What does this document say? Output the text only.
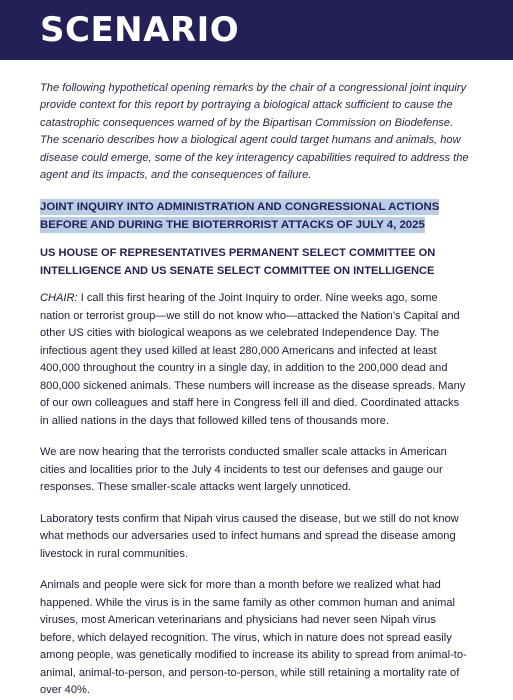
SCENARIO

The following hypothetical opening remarks by the chair of a congressional joint inquiry provide context for this report by portraying a biological attack sufficient to cause the catastrophic consequences warned of by the Bipartisan Commission on Biodefense. The scenario describes how a biological agent could target humans and animals, how disease could emerge, some of the key interagency capabilities required to address the agent and its impacts, and the consequences of failure.

JOINT INQUIRY INTO ADMINISTRATION AND CONGRESSIONAL ACTIONS BEFORE AND DURING THE BIOTERRORIST ATTACKS OF JULY 4, 2025

US HOUSE OF REPRESENTATIVES PERMANENT SELECT COMMITTEE ON INTELLIGENCE AND US SENATE SELECT COMMITTEE ON INTELLIGENCE

CHAIR: I call this first hearing of the Joint Inquiry to order. Nine weeks ago, some nation or terrorist group—we still do not know who—attacked the Nation’s Capital and other US cities with biological weapons as we celebrated Independence Day. The infectious agent they used killed at least 280,000 Americans and infected at least 400,000 throughout the country in a single day, in addition to the 200,000 dead and 800,000 sickened animals. These numbers will increase as the disease spreads. Many of our own colleagues and staff here in Congress fell ill and died. Coordinated attacks in allied nations in the days that followed killed tens of thousands more.

We are now hearing that the terrorists conducted smaller scale attacks in American cities and localities prior to the July 4 incidents to test our defenses and gauge our responses. These smaller-scale attacks went largely unnoticed.

Laboratory tests confirm that Nipah virus caused the disease, but we still do not know what methods our adversaries used to infect humans and spread the disease among livestock in rural communities.

Animals and people were sick for more than a month before we realized what had happened. While the virus is in the same family as other common human and animal viruses, most American veterinarians and physicians had never seen Nipah virus before, which delayed recognition. The virus, which in nature does not spread easily among people, was genetically modified to increase its ability to spread from animal-to-animal, animal-to-person, and person-to-person, while still retaining a mortality rate of over 40%.
